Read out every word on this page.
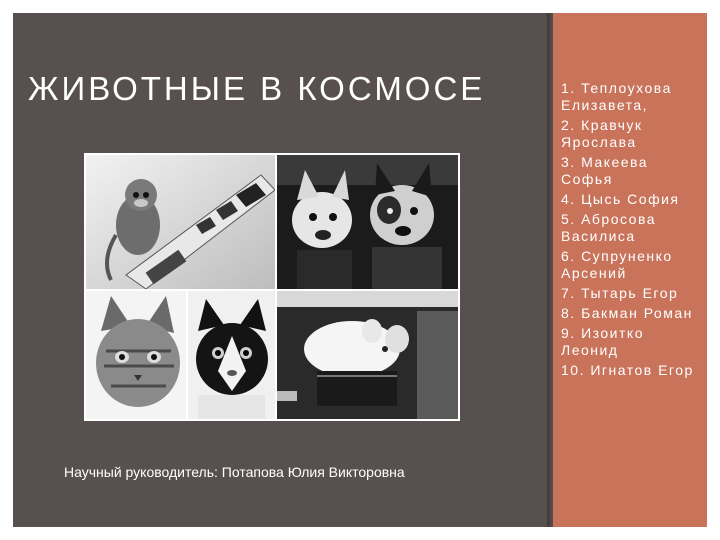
ЖИВОТНЫЕ В КОСМОСЕ
Научный руководитель: Потапова Юлия Викторовна
1. Теплоухова Елизавета,
2. Кравчук Ярослава
3. Макеева Софья
4. Цысь София
5. Абросова Василиса
6. Супруненко Арсений
7. Тытарь Егор
8. Бакман Роман
9. Изоитко Леонид
10. Игнатов Егор
